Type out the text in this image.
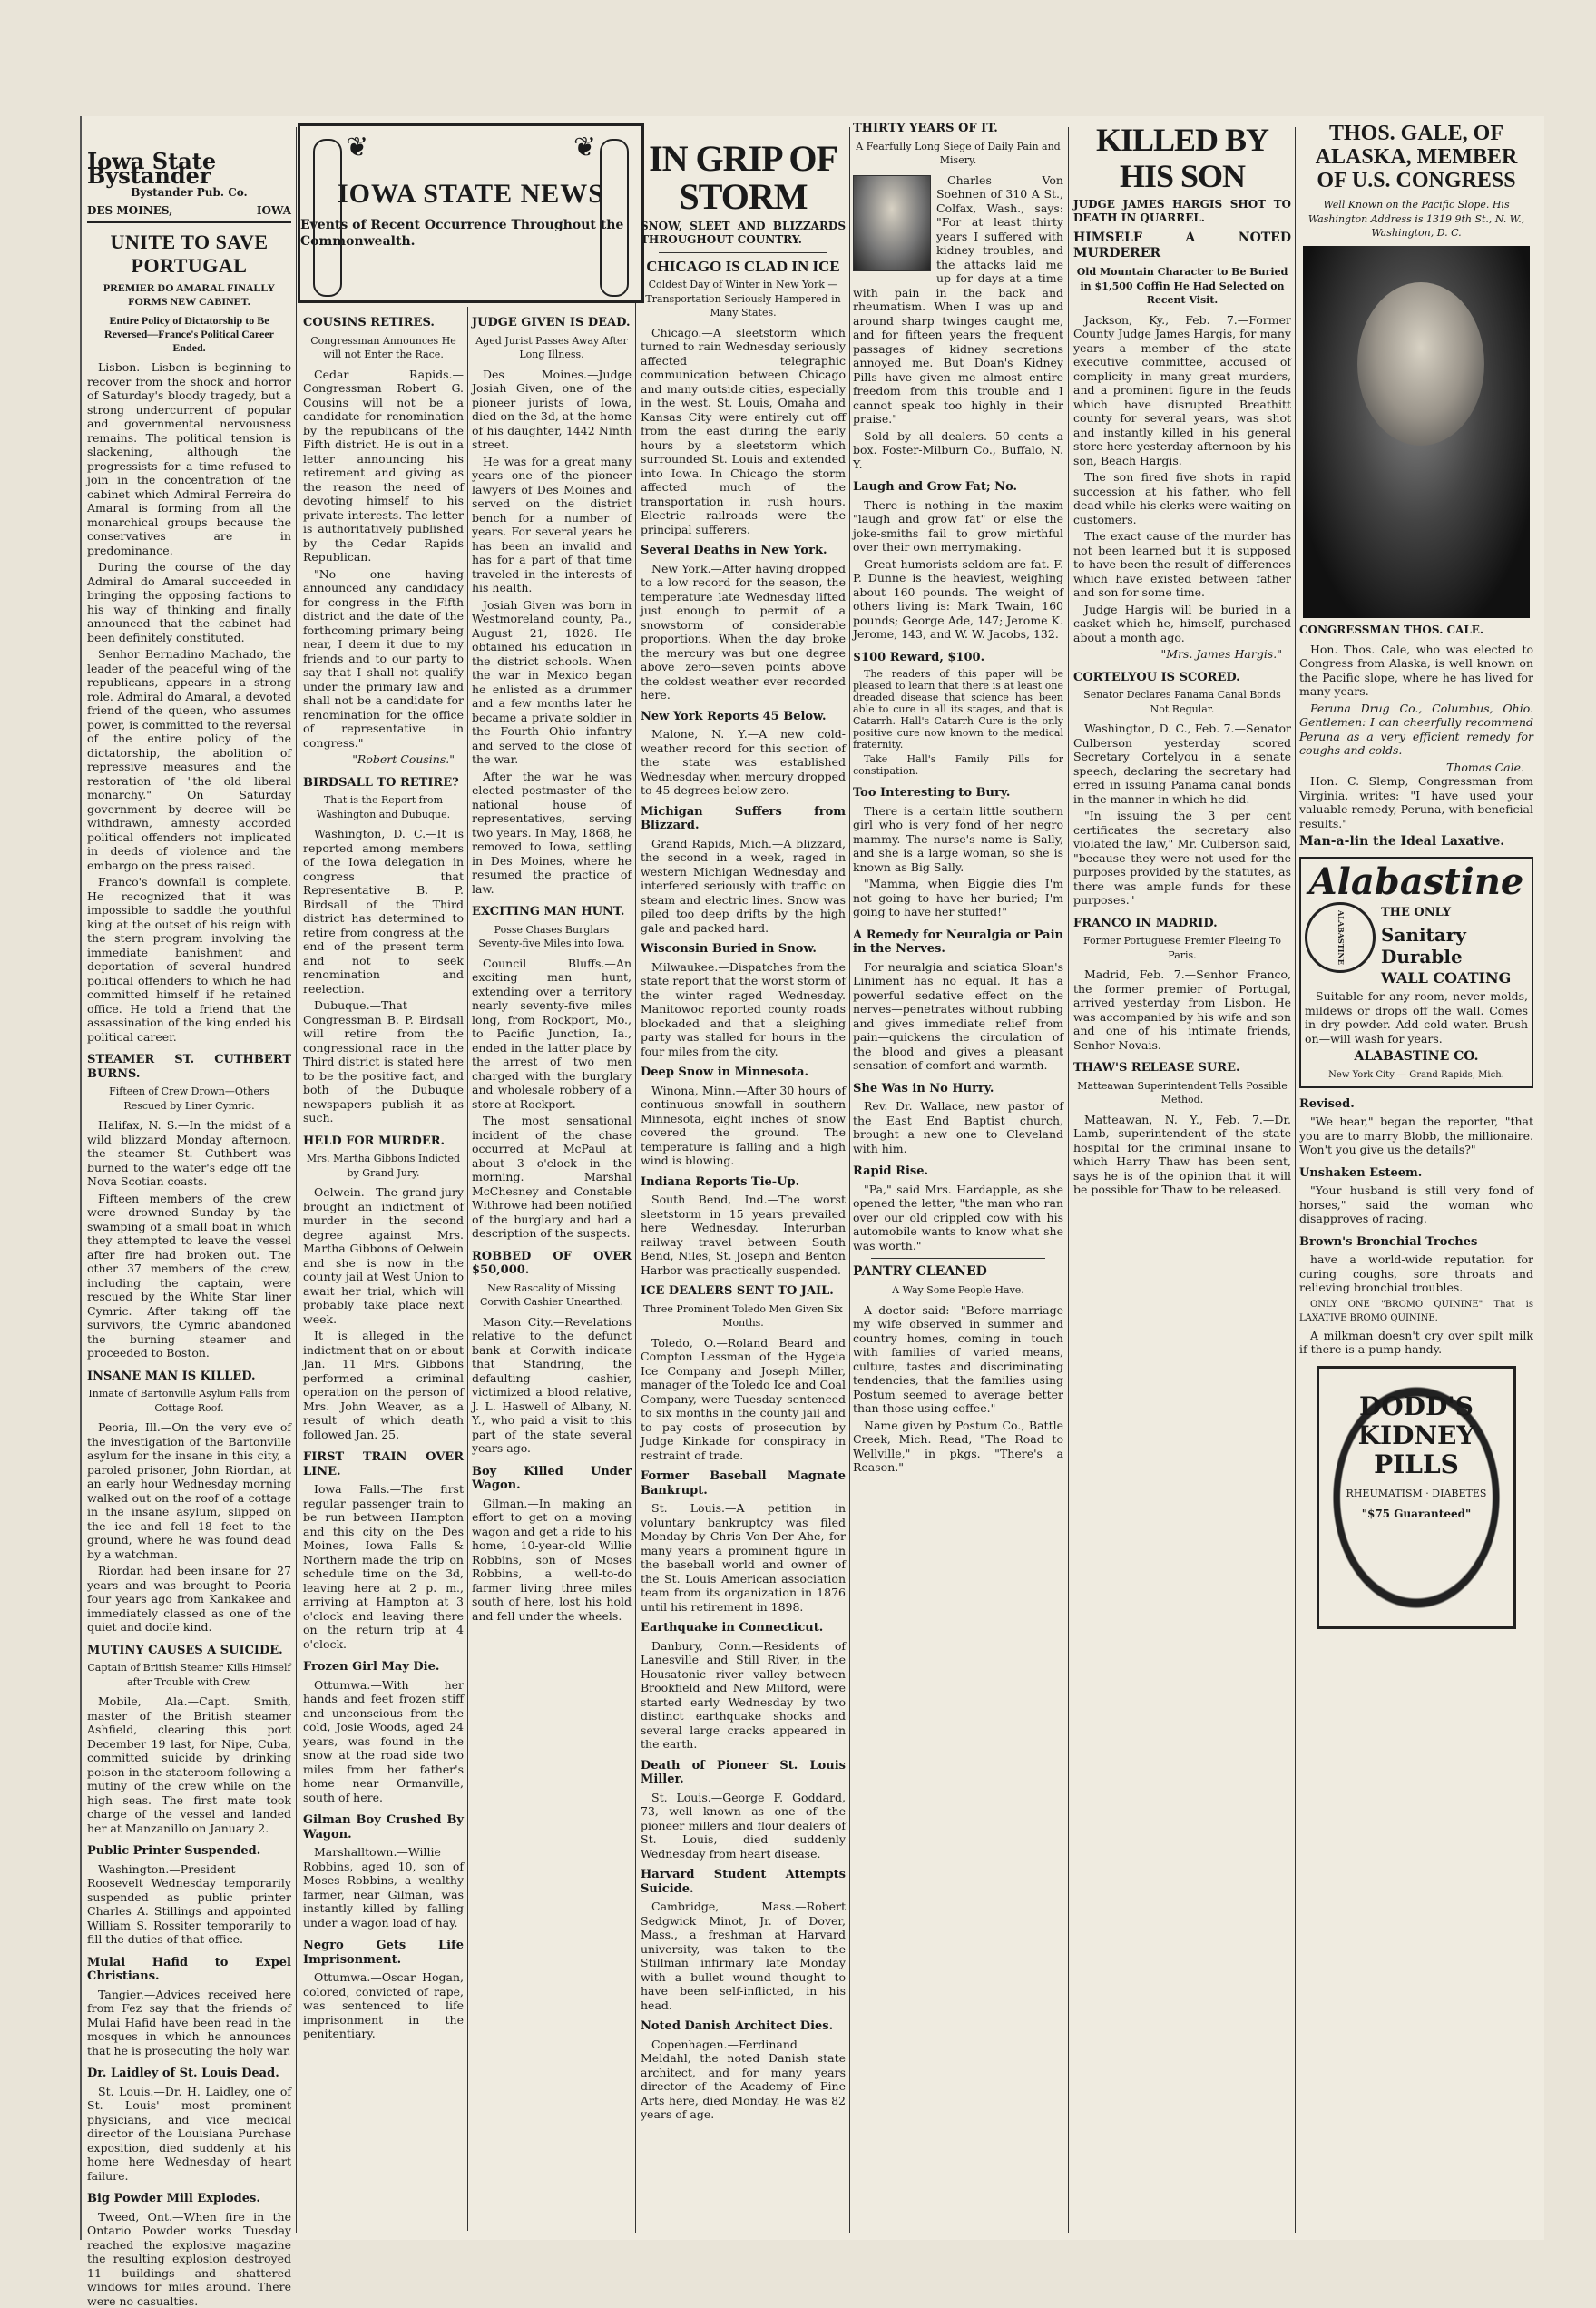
Iowa State Bystander
Bystander Pub. Co.
DES MOINES,	IOWA
UNITE TO SAVE PORTUGAL
PREMIER DO AMARAL FINALLY FORMS NEW CABINET.
Entire Policy of Dictatorship to Be Reversed—France's Political Career Ended.

Lisbon.—Lisbon is beginning to recover from the shock and horror of Saturday's bloody tragedy, but a strong undercurrent of popular and governmental nervousness remains. The political tension is slackening, although the progressists for a time refused to join in the concentration of the cabinet which Admiral Ferreira do Amaral is forming from all the monarchical groups because the conservatives are in predominance.

During the course of the day Admiral do Amaral succeeded in bringing the opposing factions to his way of thinking and finally announced that the cabinet had been definitely constituted.

Senhor Bernadino Machado, the leader of the peaceful wing of the republicans, appears in a strong role. Admiral do Amaral, a devoted friend of the queen, who assumes power, is committed to the reversal of the entire policy of the dictatorship, the abolition of repressive measures and the restoration of "the old liberal monarchy." On Saturday government by decree will be withdrawn, amnesty accorded political offenders not implicated in deeds of violence and the embargo on the press raised.

Franco's downfall is complete. He recognized that it was impossible to saddle the youthful king at the outset of his reign with the stern program involving the immediate banishment and deportation of several hundred political offenders to which he had committed himself if he retained office. He told a friend that the assassination of the king ended his political career.

STEAMER ST. CUTHBERT BURNS.
Fifteen of Crew Drown—Others Rescued by Liner Cymric.

Halifax, N. S.—In the midst of a wild blizzard Monday afternoon, the steamer St. Cuthbert was burned to the water's edge off the Nova Scotian coasts.

Fifteen members of the crew were drowned Sunday by the swamping of a small boat in which they attempted to leave the vessel after fire had broken out. The other 37 members of the crew, including the captain, were rescued by the White Star liner Cymric. After taking off the survivors, the Cymric abandoned the burning steamer and proceeded to Boston.

INSANE MAN IS KILLED.
Inmate of Bartonville Asylum Falls from Cottage Roof.

Peoria, Ill.—On the very eve of the investigation of the Bartonville asylum for the insane in this city, a paroled prisoner, John Riordan, at an early hour Wednesday morning walked out on the roof of a cottage in the insane asylum, slipped on the ice and fell 18 feet to the ground, where he was found dead by a watchman.

Riordan had been insane for 27 years and was brought to Peoria four years ago from Kankakee and immediately classed as one of the quiet and docile kind.

MUTINY CAUSES A SUICIDE.
Captain of British Steamer Kills Himself after Trouble with Crew.

Mobile, Ala.—Capt. Smith, master of the British steamer Ashfield, clearing this port December 19 last, for Nipe, Cuba, committed suicide by drinking poison in the stateroom following a mutiny of the crew while on the high seas. The first mate took charge of the vessel and landed her at Manzanillo on January 2.

Public Printer Suspended.

Washington.—President Roosevelt Wednesday temporarily suspended as public printer Charles A. Stillings and appointed William S. Rossiter temporarily to fill the duties of that office.

Mulai Hafid to Expel Christians.

Tangier.—Advices received here from Fez say that the friends of Mulai Hafid have been read in the mosques in which he announces that he is prosecuting the holy war.

Dr. Laidley of St. Louis Dead.

St. Louis.—Dr. H. Laidley, one of St. Louis' most prominent physicians, and vice medical director of the Louisiana Purchase exposition, died suddenly at his home here Wednesday of heart failure.

Big Powder Mill Explodes.

Tweed, Ont.—When fire in the Ontario Powder works Tuesday reached the explosive magazine the resulting explosion destroyed 11 buildings and shattered windows for miles around. There were no casualties.

❦	❦
IOWA STATE NEWS
Events of Recent Occurrence Throughout the Commonwealth.
COUSINS RETIRES.
Congressman Announces He will not Enter the Race.

Cedar Rapids.—Congressman Robert G. Cousins will not be a candidate for renomination by the republicans of the Fifth district. He is out in a letter announcing his retirement and giving as the reason the need of devoting himself to his private interests. The letter is authoritatively published by the Cedar Rapids Republican.

"No one having announced any candidacy for congress in the Fifth district and the date of the forthcoming primary being near, I deem it due to my friends and to our party to say that I shall not qualify under the primary law and shall not be a candidate for renomination for the office of representative in congress."

"Robert Cousins."
BIRDSALL TO RETIRE?
That is the Report from Washington and Dubuque.

Washington, D. C.—It is reported among members of the Iowa delegation in congress that Representative B. P. Birdsall of the Third district has determined to retire from congress at the end of the present term and not to seek renomination and reelection.

Dubuque.—That Congressman B. P. Birdsall will retire from the congressional race in the Third district is stated here to be the positive fact, and both of the Dubuque newspapers publish it as such.

HELD FOR MURDER.
Mrs. Martha Gibbons Indicted by Grand Jury.

Oelwein.—The grand jury brought an indictment of murder in the second degree against Mrs. Martha Gibbons of Oelwein and she is now in the county jail at West Union to await her trial, which will probably take place next week.

It is alleged in the indictment that on or about Jan. 11 Mrs. Gibbons performed a criminal operation on the person of Mrs. John Weaver, as a result of which death followed Jan. 25.

FIRST TRAIN OVER LINE.

Iowa Falls.—The first regular passenger train to be run between Hampton and this city on the Des Moines, Iowa Falls & Northern made the trip on schedule time on the 3d, leaving here at 2 p. m., arriving at Hampton at 3 o'clock and leaving there on the return trip at 4 o'clock.

Frozen Girl May Die.

Ottumwa.—With her hands and feet frozen stiff and unconscious from the cold, Josie Woods, aged 24 years, was found in the snow at the road side two miles from her father's home near Ormanville, south of here.

Gilman Boy Crushed By Wagon.

Marshalltown.—Willie Robbins, aged 10, son of Moses Robbins, a wealthy farmer, near Gilman, was instantly killed by falling under a wagon load of hay.

Negro Gets Life Imprisonment.

Ottumwa.—Oscar Hogan, colored, convicted of rape, was sentenced to life imprisonment in the penitentiary.

JUDGE GIVEN IS DEAD.
Aged Jurist Passes Away After Long Illness.

Des Moines.—Judge Josiah Given, one of the pioneer jurists of Iowa, died on the 3d, at the home of his daughter, 1442 Ninth street.

He was for a great many years one of the pioneer lawyers of Des Moines and served on the district bench for a number of years. For several years he has been an invalid and has for a part of that time traveled in the interests of his health.

Josiah Given was born in Westmoreland county, Pa., August 21, 1828. He obtained his education in the district schools. When the war in Mexico began he enlisted as a drummer and a few months later he became a private soldier in the Fourth Ohio infantry and served to the close of the war.

After the war he was elected postmaster of the national house of representatives, serving two years. In May, 1868, he removed to Iowa, settling in Des Moines, where he resumed the practice of law.

EXCITING MAN HUNT.
Posse Chases Burglars Seventy-five Miles into Iowa.

Council Bluffs.—An exciting man hunt, extending over a territory nearly seventy-five miles long, from Rockport, Mo., to Pacific Junction, Ia., ended in the latter place by the arrest of two men charged with the burglary and wholesale robbery of a store at Rockport.

The most sensational incident of the chase occurred at McPaul at about 3 o'clock in the morning. Marshal McChesney and Constable Withrowe had been notified of the burglary and had a description of the suspects.

ROBBED OF OVER $50,000.
New Rascality of Missing Corwith Cashier Unearthed.

Mason City.—Revelations relative to the defunct bank at Corwith indicate that Standring, the defaulting cashier, victimized a blood relative, J. L. Haswell of Albany, N. Y., who paid a visit to this part of the state several years ago.

Boy Killed Under Wagon.

Gilman.—In making an effort to get on a moving wagon and get a ride to his home, 10-year-old Willie Robbins, son of Moses Robbins, a well-to-do farmer living three miles south of here, lost his hold and fell under the wheels.

IN GRIP OF STORM
SNOW, SLEET AND BLIZZARDS THROUGHOUT COUNTRY.
CHICAGO IS CLAD IN ICE
Coldest Day of Winter in New York —Transportation Seriously Hampered in Many States.

Chicago.—A sleetstorm which turned to rain Wednesday seriously affected telegraphic communication between Chicago and many outside cities, especially in the west. St. Louis, Omaha and Kansas City were entirely cut off from the east during the early hours by a sleetstorm which surrounded St. Louis and extended into Iowa. In Chicago the storm affected much of the transportation in rush hours. Electric railroads were the principal sufferers.

Several Deaths in New York.

New York.—After having dropped to a low record for the season, the temperature late Wednesday lifted just enough to permit of a snowstorm of considerable proportions. When the day broke the mercury was but one degree above zero—seven points above the coldest weather ever recorded here.

New York Reports 45 Below.

Malone, N. Y.—A new cold-weather record for this section of the state was established Wednesday when mercury dropped to 45 degrees below zero.

Michigan Suffers from Blizzard.

Grand Rapids, Mich.—A blizzard, the second in a week, raged in western Michigan Wednesday and interfered seriously with traffic on steam and electric lines. Snow was piled too deep drifts by the high gale and packed hard.

Wisconsin Buried in Snow.

Milwaukee.—Dispatches from the state report that the worst storm of the winter raged Wednesday. Manitowoc reported county roads blockaded and that a sleighing party was stalled for hours in the four miles from the city.

Deep Snow in Minnesota.

Winona, Minn.—After 30 hours of continuous snowfall in southern Minnesota, eight inches of snow covered the ground. The temperature is falling and a high wind is blowing.

Indiana Reports Tie-Up.

South Bend, Ind.—The worst sleetstorm in 15 years prevailed here Wednesday. Interurban railway travel between South Bend, Niles, St. Joseph and Benton Harbor was practically suspended.

ICE DEALERS SENT TO JAIL.
Three Prominent Toledo Men Given Six Months.

Toledo, O.—Roland Beard and Compton Lessman of the Hygeia Ice Company and Joseph Miller, manager of the Toledo Ice and Coal Company, were Tuesday sentenced to six months in the county jail and to pay costs of prosecution by Judge Kinkade for conspiracy in restraint of trade.

Former Baseball Magnate Bankrupt.

St. Louis.—A petition in voluntary bankruptcy was filed Monday by Chris Von Der Ahe, for many years a prominent figure in the baseball world and owner of the St. Louis American association team from its organization in 1876 until his retirement in 1898.

Earthquake in Connecticut.

Danbury, Conn.—Residents of Lanesville and Still River, in the Housatonic river valley between Brookfield and New Milford, were started early Wednesday by two distinct earthquake shocks and several large cracks appeared in the earth.

Death of Pioneer St. Louis Miller.

St. Louis.—George F. Goddard, 73, well known as one of the pioneer millers and flour dealers of St. Louis, died suddenly Wednesday from heart disease.

Harvard Student Attempts Suicide.

Cambridge, Mass.—Robert Sedgwick Minot, Jr. of Dover, Mass., a freshman at Harvard university, was taken to the Stillman infirmary late Monday with a bullet wound thought to have been self-inflicted, in his head.

Noted Danish Architect Dies.

Copenhagen.—Ferdinand Meldahl, the noted Danish state architect, and for many years director of the Academy of Fine Arts here, died Monday. He was 82 years of age.

THIRTY YEARS OF IT.
A Fearfully Long Siege of Daily Pain and Misery.

Charles Von Soehnen of 310 A St., Colfax, Wash., says: "For at least thirty years I suffered with kidney troubles, and the attacks laid me up for days at a time with pain in the back and rheumatism. When I was up and around sharp twinges caught me, and for fifteen years the frequent passages of kidney secretions annoyed me. But Doan's Kidney Pills have given me almost entire freedom from this trouble and I cannot speak too highly in their praise."

Sold by all dealers. 50 cents a box. Foster-Milburn Co., Buffalo, N. Y.

Laugh and Grow Fat; No.

There is nothing in the maxim "laugh and grow fat" or else the joke-smiths fail to grow mirthful over their own merrymaking.

Great humorists seldom are fat. F. P. Dunne is the heaviest, weighing about 160 pounds. The weight of others living is: Mark Twain, 160 pounds; George Ade, 147; Jerome K. Jerome, 143, and W. W. Jacobs, 132.

$100 Reward, $100.

The readers of this paper will be pleased to learn that there is at least one dreaded disease that science has been able to cure in all its stages, and that is Catarrh. Hall's Catarrh Cure is the only positive cure now known to the medical fraternity.

Take Hall's Family Pills for constipation.

Too Interesting to Bury.

There is a certain little southern girl who is very fond of her negro mammy. The nurse's name is Sally, and she is a large woman, so she is known as Big Sally.

"Mamma, when Biggie dies I'm not going to have her buried; I'm going to have her stuffed!"

A Remedy for Neuralgia or Pain in the Nerves.

For neuralgia and sciatica Sloan's Liniment has no equal. It has a powerful sedative effect on the nerves—penetrates without rubbing and gives immediate relief from pain—quickens the circulation of the blood and gives a pleasant sensation of comfort and warmth.

She Was in No Hurry.

Rev. Dr. Wallace, new pastor of the East End Baptist church, brought a new one to Cleveland with him.

Rapid Rise.

"Pa," said Mrs. Hardapple, as she opened the letter, "the man who ran over our old crippled cow with his automobile wants to know what she was worth."

PANTRY CLEANED
A Way Some People Have.

A doctor said:—"Before marriage my wife observed in summer and country homes, coming in touch with families of varied means, culture, tastes and discriminating tendencies, that the families using Postum seemed to average better than those using coffee."

Name given by Postum Co., Battle Creek, Mich. Read, "The Road to Wellville," in pkgs. "There's a Reason."

KILLED BY HIS SON
JUDGE JAMES HARGIS SHOT TO DEATH IN QUARREL.
HIMSELF A NOTED MURDERER
Old Mountain Character to Be Buried in $1,500 Coffin He Had Selected on Recent Visit.

Jackson, Ky., Feb. 7.—Former County Judge James Hargis, for many years a member of the state executive committee, accused of complicity in many great murders, and a prominent figure in the feuds which have disrupted Breathitt county for several years, was shot and instantly killed in his general store here yesterday afternoon by his son, Beach Hargis.

The son fired five shots in rapid succession at his father, who fell dead while his clerks were waiting on customers.

The exact cause of the murder has not been learned but it is supposed to have been the result of differences which have existed between father and son for some time.

Judge Hargis will be buried in a casket which he, himself, purchased about a month ago.

"Mrs. James Hargis."
CORTELYOU IS SCORED.
Senator Declares Panama Canal Bonds Not Regular.

Washington, D. C., Feb. 7.—Senator Culberson yesterday scored Secretary Cortelyou in a senate speech, declaring the secretary had erred in issuing Panama canal bonds in the manner in which he did.

"In issuing the 3 per cent certificates the secretary also violated the law," Mr. Culberson said, "because they were not used for the purposes provided by the statutes, as there was ample funds for these purposes."

FRANCO IN MADRID.
Former Portuguese Premier Fleeing To Paris.

Madrid, Feb. 7.—Senhor Franco, the former premier of Portugal, arrived yesterday from Lisbon. He was accompanied by his wife and son and one of his intimate friends, Senhor Novais.

THAW'S RELEASE SURE.
Matteawan Superintendent Tells Possible Method.

Matteawan, N. Y., Feb. 7.—Dr. Lamb, superintendent of the state hospital for the criminal insane to which Harry Thaw has been sent, says he is of the opinion that it will be possible for Thaw to be released.

THOS. GALE, OF ALASKA, MEMBER OF U.S. CONGRESS
Well Known on the Pacific Slope. His Washington Address is 1319 9th St., N. W., Washington, D. C.
CONGRESSMAN THOS. CALE.

Hon. Thos. Cale, who was elected to Congress from Alaska, is well known on the Pacific slope, where he has lived for many years.

Peruna Drug Co., Columbus, Ohio. Gentlemen: I can cheerfully recommend Peruna as a very efficient remedy for coughs and colds.

Thomas Cale.

Hon. C. Slemp, Congressman from Virginia, writes: "I have used your valuable remedy, Peruna, with beneficial results."

Man-a-lin the Ideal Laxative.
Alabastine
ALABASTINE	THE ONLY
Sanitary
Durable
WALL COATING

Suitable for any room, never molds, mildews or drops off the wall. Comes in dry powder. Add cold water. Brush on—will wash for years.

ALABASTINE CO.
New York City — Grand Rapids, Mich.
Revised.

"We hear," began the reporter, "that you are to marry Blobb, the millionaire. Won't you give us the details?"

Unshaken Esteem.

"Your husband is still very fond of horses," said the woman who disapproves of racing.

Brown's Bronchial Troches

have a world-wide reputation for curing coughs, sore throats and relieving bronchial troubles.

ONLY ONE "BROMO QUININE" That is LAXATIVE BROMO QUININE.

A milkman doesn't cry over spilt milk if there is a pump handy.

DODD'S
KIDNEY
PILLS
RHEUMATISM · DIABETES
"$75 Guaranteed"
